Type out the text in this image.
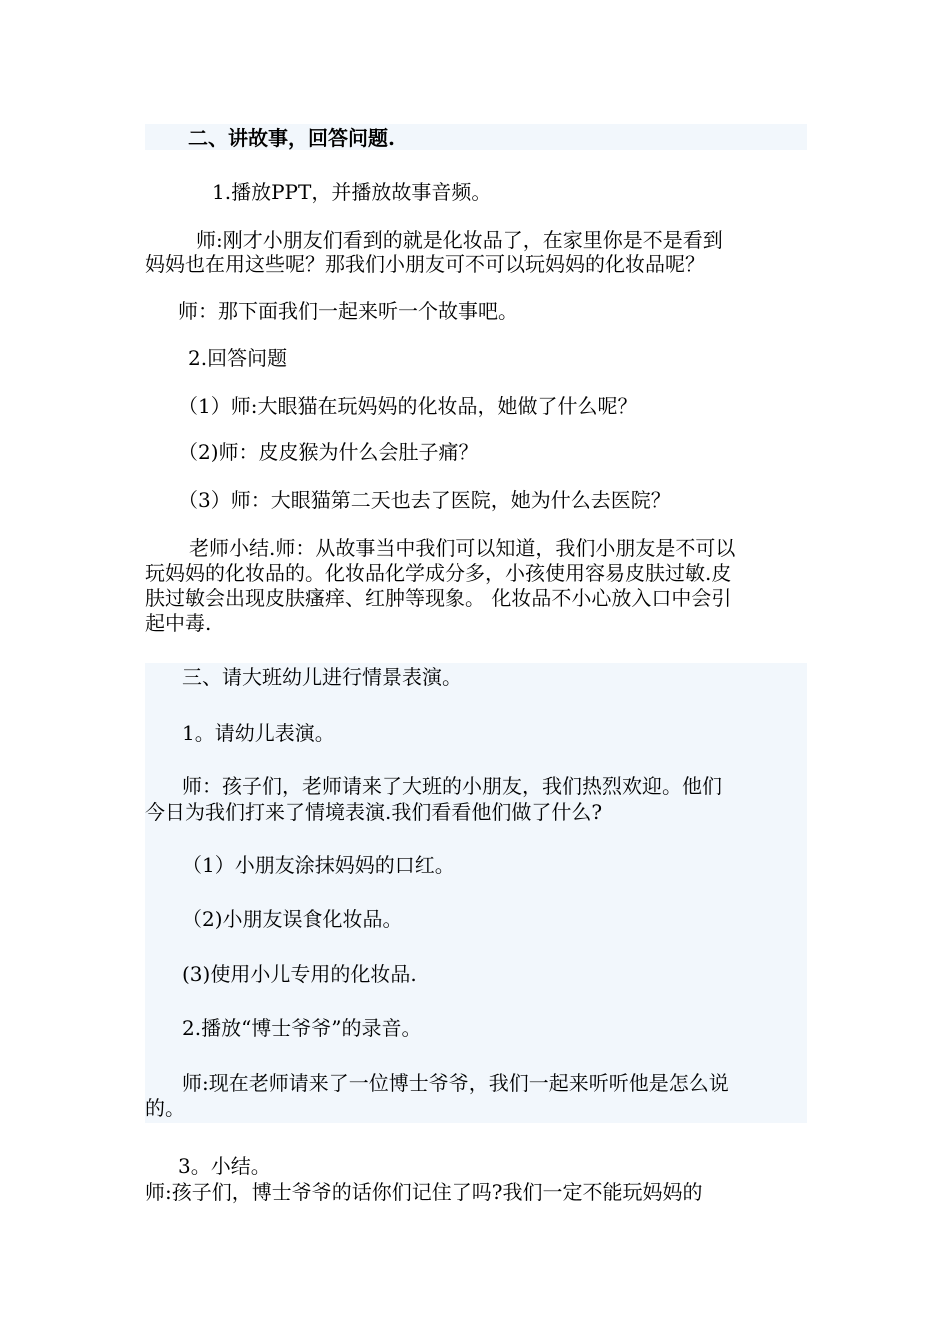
二、讲故事，回答问题.
1.播放PPT，并播放故事音频。
师:刚才小朋友们看到的就是化妆品了，在家里你是不是看到
妈妈也在用这些呢？那我们小朋友可不可以玩妈妈的化妆品呢？
师：那下面我们一起来听一个故事吧。
2.回答问题
（1）师:大眼猫在玩妈妈的化妆品，她做了什么呢？
（2)师：皮皮猴为什么会肚子痛？
（3）师：大眼猫第二天也去了医院，她为什么去医院？
老师小结.师：从故事当中我们可以知道，我们小朋友是不可以
玩妈妈的化妆品的。化妆品化学成分多，小孩使用容易皮肤过敏.皮
肤过敏会出现皮肤瘙痒、红肿等现象。 化妆品不小心放入口中会引
起中毒.
三、请大班幼儿进行情景表演。
1。请幼儿表演。
师：孩子们，老师请来了大班的小朋友，我们热烈欢迎。他们
今日为我们打来了情境表演.我们看看他们做了什么?
（1）小朋友涂抹妈妈的口红。
（2)小朋友误食化妆品。
(3)使用小儿专用的化妆品.
2.播放“博士爷爷”的录音。
师:现在老师请来了一位博士爷爷，我们一起来听听他是怎么说
的。
3。小结。
师:孩子们，博士爷爷的话你们记住了吗?我们一定不能玩妈妈的
